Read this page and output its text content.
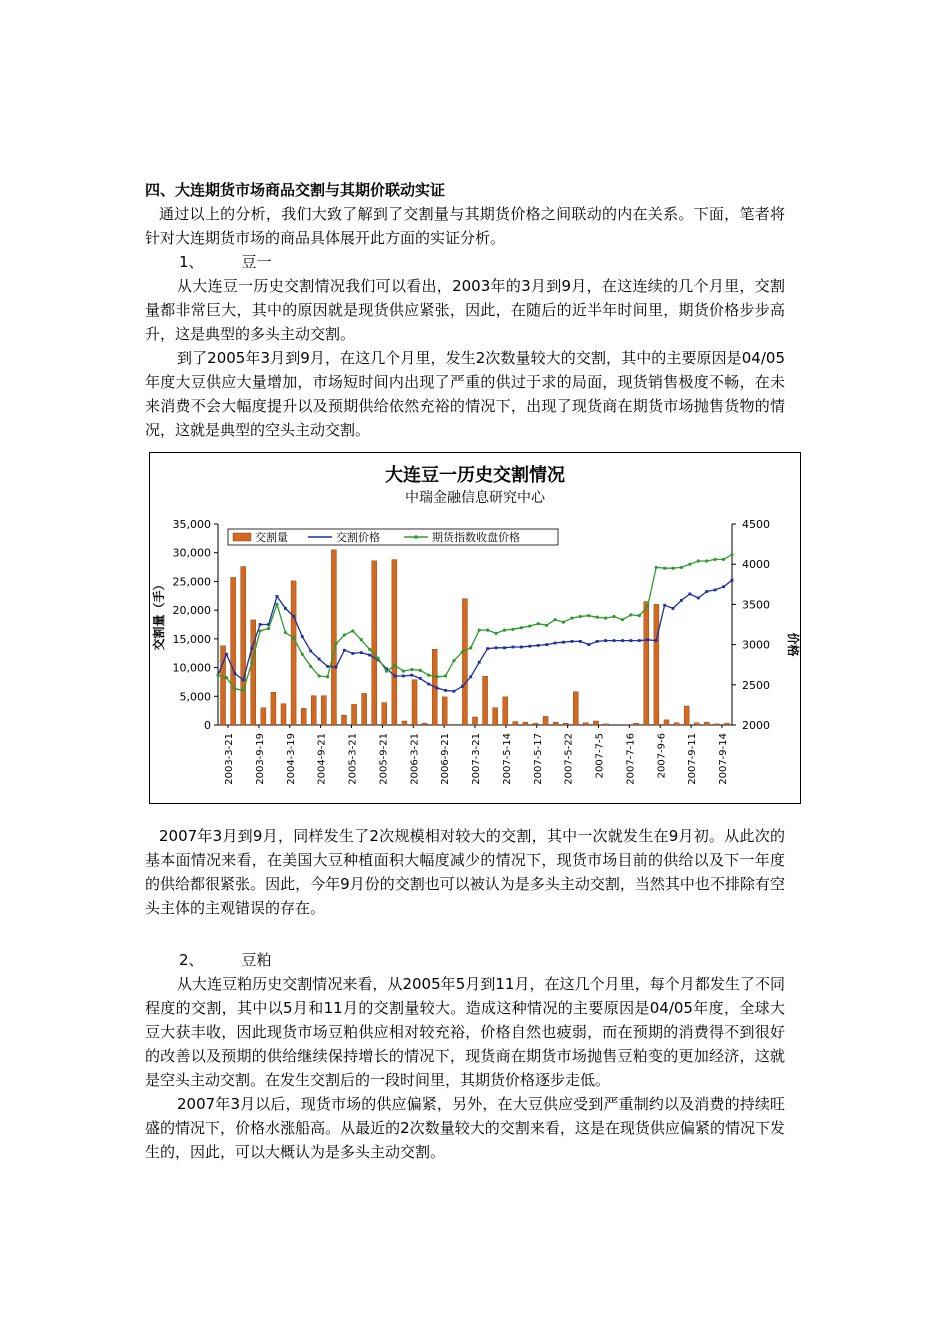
四、大连期货市场商品交割与其期价联动实证

通过以上的分析，我们大致了解到了交割量与其期货价格之间联动的内在关系。下面，笔者将针对大连期货市场的商品具体展开此方面的实证分析。

1、	豆一

从大连豆一历史交割情况我们可以看出，2003年的3月到9月，在这连续的几个月里，交割量都非常巨大，其中的原因就是现货供应紧张，因此，在随后的近半年时间里，期货价格步步高升，这是典型的多头主动交割。

到了2005年3月到9月，在这几个月里，发生2次数量较大的交割，其中的主要原因是04/05年度大豆供应大量增加，市场短时间内出现了严重的供过于求的局面，现货销售极度不畅，在未来消费不会大幅度提升以及预期供给依然充裕的情况下，出现了现货商在期货市场抛售货物的情况，这就是典型的空头主动交割。

大连豆一历史交割情况
中瑞金融信息研究中心
0
5,000
10,000
15,000
20,000
25,000
30,000
35,000
2000
2500
3000
3500
4000
4500
交割量（手）	价格
2003-3-21 2003-9-19 2004-3-19 2004-9-21 2005-3-21 2005-9-21 2006-3-21 2006-9-21 2007-3-21 2007-5-14 2007-5-17 2007-5-22 2007-7-5 2007-7-16 2007-9-6 2007-9-11 2007-9-14
交割量	交割价格	期货指数收盘价格

2007年3月到9月，同样发生了2次规模相对较大的交割，其中一次就发生在9月初。从此次的基本面情况来看，在美国大豆种植面积大幅度减少的情况下，现货市场目前的供给以及下一年度的供给都很紧张。因此，今年9月份的交割也可以被认为是多头主动交割，当然其中也不排除有空头主体的主观错误的存在。

2、	豆粕

从大连豆粕历史交割情况来看，从2005年5月到11月，在这几个月里，每个月都发生了不同程度的交割，其中以5月和11月的交割量较大。造成这种情况的主要原因是04/05年度，全球大豆大获丰收，因此现货市场豆粕供应相对较充裕，价格自然也疲弱，而在预期的消费得不到很好的改善以及预期的供给继续保持增长的情况下，现货商在期货市场抛售豆粕变的更加经济，这就是空头主动交割。在发生交割后的一段时间里，其期货价格逐步走低。

2007年3月以后，现货市场的供应偏紧，另外，在大豆供应受到严重制约以及消费的持续旺盛的情况下，价格水涨船高。从最近的2次数量较大的交割来看，这是在现货供应偏紧的情况下发生的，因此，可以大概认为是多头主动交割。
